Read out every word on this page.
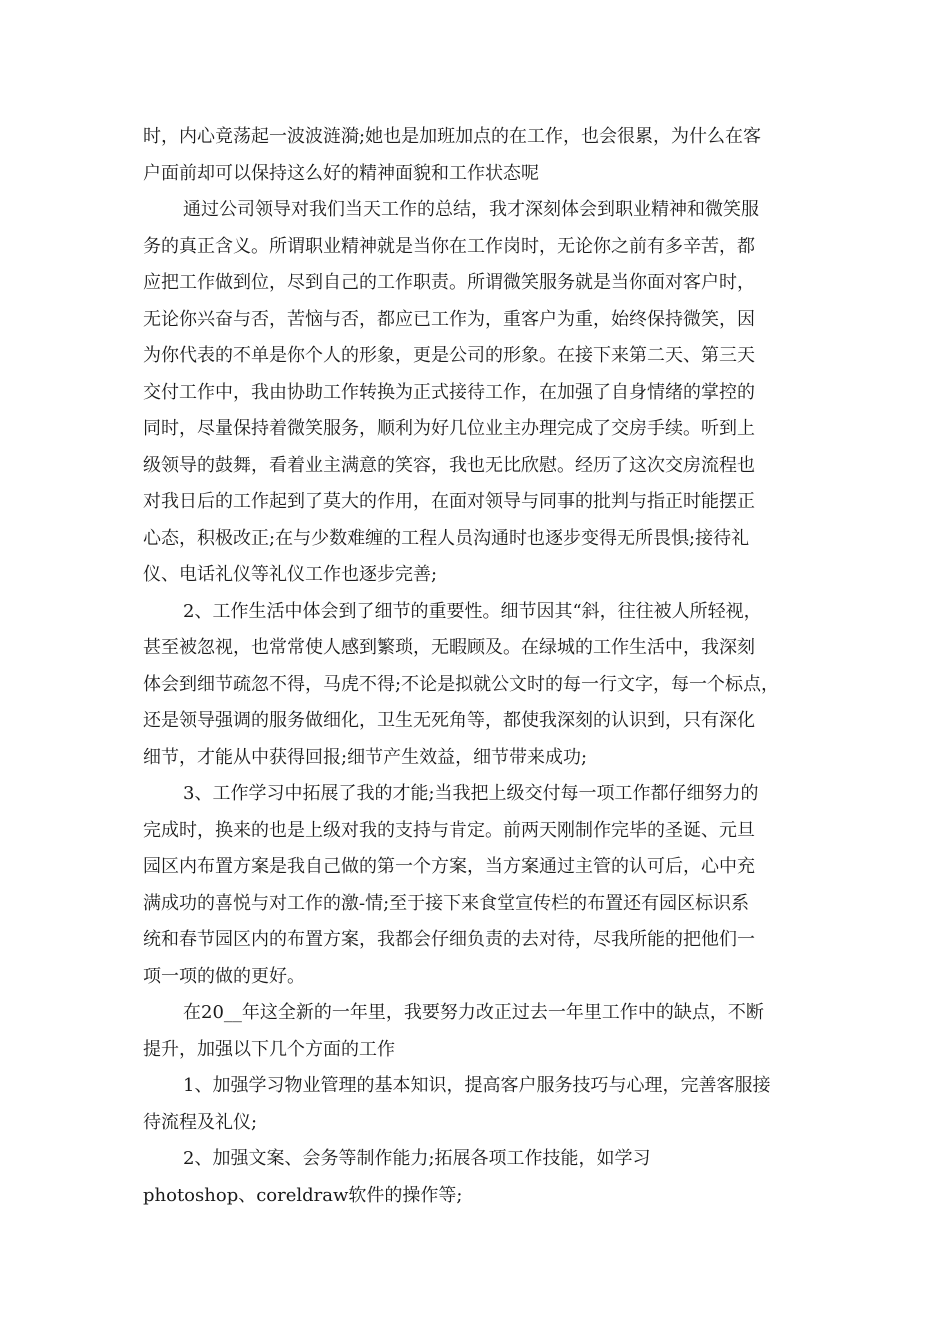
时，内心竟荡起一波波涟漪;她也是加班加点的在工作，也会很累，为什么在客
户面前却可以保持这么好的精神面貌和工作状态呢
通过公司领导对我们当天工作的总结，我才深刻体会到职业精神和微笑服
务的真正含义。所谓职业精神就是当你在工作岗时，无论你之前有多辛苦，都
应把工作做到位，尽到自己的工作职责。所谓微笑服务就是当你面对客户时，
无论你兴奋与否，苦恼与否，都应已工作为，重客户为重，始终保持微笑，因
为你代表的不单是你个人的形象，更是公司的形象。在接下来第二天、第三天
交付工作中，我由协助工作转换为正式接待工作，在加强了自身情绪的掌控的
同时，尽量保持着微笑服务，顺利为好几位业主办理完成了交房手续。听到上
级领导的鼓舞，看着业主满意的笑容，我也无比欣慰。经历了这次交房流程也
对我日后的工作起到了莫大的作用，在面对领导与同事的批判与指正时能摆正
心态，积极改正;在与少数难缠的工程人员沟通时也逐步变得无所畏惧;接待礼
仪、电话礼仪等礼仪工作也逐步完善;
2、工作生活中体会到了细节的重要性。细节因其“斜，往往被人所轻视，
甚至被忽视，也常常使人感到繁琐，无暇顾及。在绿城的工作生活中，我深刻
体会到细节疏忽不得，马虎不得;不论是拟就公文时的每一行文字，每一个标点，
还是领导强调的服务做细化，卫生无死角等，都使我深刻的认识到，只有深化
细节，才能从中获得回报;细节产生效益，细节带来成功;
3、工作学习中拓展了我的才能;当我把上级交付每一项工作都仔细努力的
完成时，换来的也是上级对我的支持与肯定。前两天刚制作完毕的圣诞、元旦
园区内布置方案是我自己做的第一个方案，当方案通过主管的认可后，心中充
满成功的喜悦与对工作的激-情;至于接下来食堂宣传栏的布置还有园区标识系
统和春节园区内的布置方案，我都会仔细负责的去对待，尽我所能的把他们一
项一项的做的更好。
在20__年这全新的一年里，我要努力改正过去一年里工作中的缺点，不断
提升，加强以下几个方面的工作
1、加强学习物业管理的基本知识，提高客户服务技巧与心理，完善客服接
待流程及礼仪;
2、加强文案、会务等制作能力;拓展各项工作技能，如学习
photoshop、coreldraw软件的操作等;
